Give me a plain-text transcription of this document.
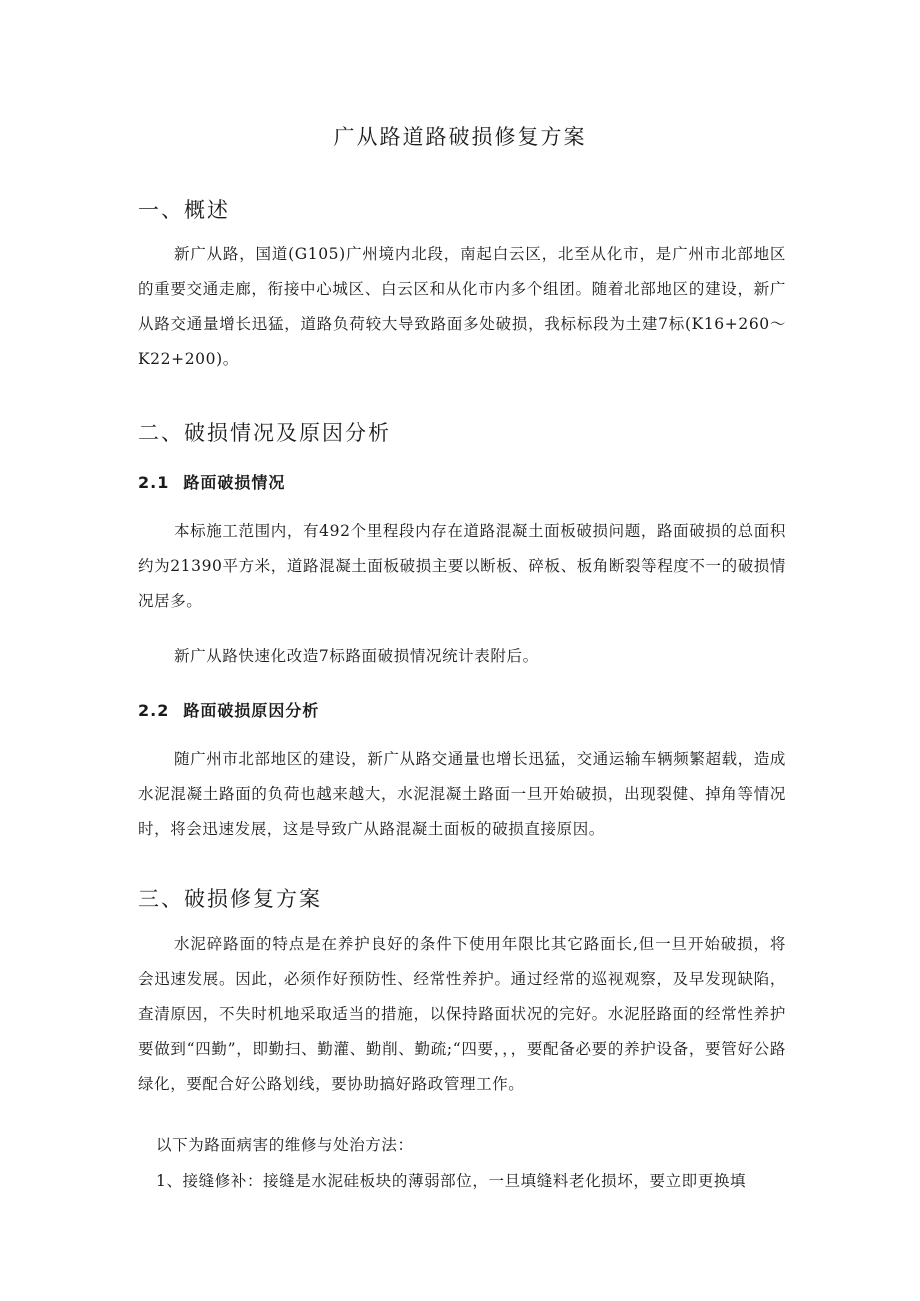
广从路道路破损修复方案
一、概述

新广从路，国道(G105)广州境内北段，南起白云区，北至从化市，是广州市北部地区的重要交通走廊，衔接中心城区、白云区和从化市内多个组团。随着北部地区的建设，新广从路交通量增长迅猛，道路负荷较大导致路面多处破损，我标标段为土建7标(K16+260～K22+200)。

二、破损情况及原因分析
2.1 路面破损情况

本标施工范围内，有492个里程段内存在道路混凝土面板破损问题，路面破损的总面积约为21390平方米，道路混凝土面板破损主要以断板、碎板、板角断裂等程度不一的破损情况居多。

新广从路快速化改造7标路面破损情况统计表附后。

2.2 路面破损原因分析

随广州市北部地区的建设，新广从路交通量也增长迅猛，交通运输车辆频繁超载，造成水泥混凝土路面的负荷也越来越大，水泥混凝土路面一旦开始破损，出现裂健、掉角等情况时，将会迅速发展，这是导致广从路混凝土面板的破损直接原因。

三、破损修复方案

水泥碎路面的特点是在养护良好的条件下使用年限比其它路面长,但一旦开始破损，将会迅速发展。因此，必须作好预防性、经常性养护。通过经常的巡视观察，及早发现缺陷，查清原因，不失时机地采取适当的措施，以保持路面状况的完好。水泥胫路面的经常性养护要做到“四勤”，即勤扫、勤灌、勤削、勤疏;“四要，，，要配备必要的养护设备，要管好公路绿化，要配合好公路划线，要协助搞好路政管理工作。

以下为路面病害的维修与处治方法：
1、接缝修补：接缝是水泥硅板块的薄弱部位，一旦填缝料老化损坏，要立即更换填
